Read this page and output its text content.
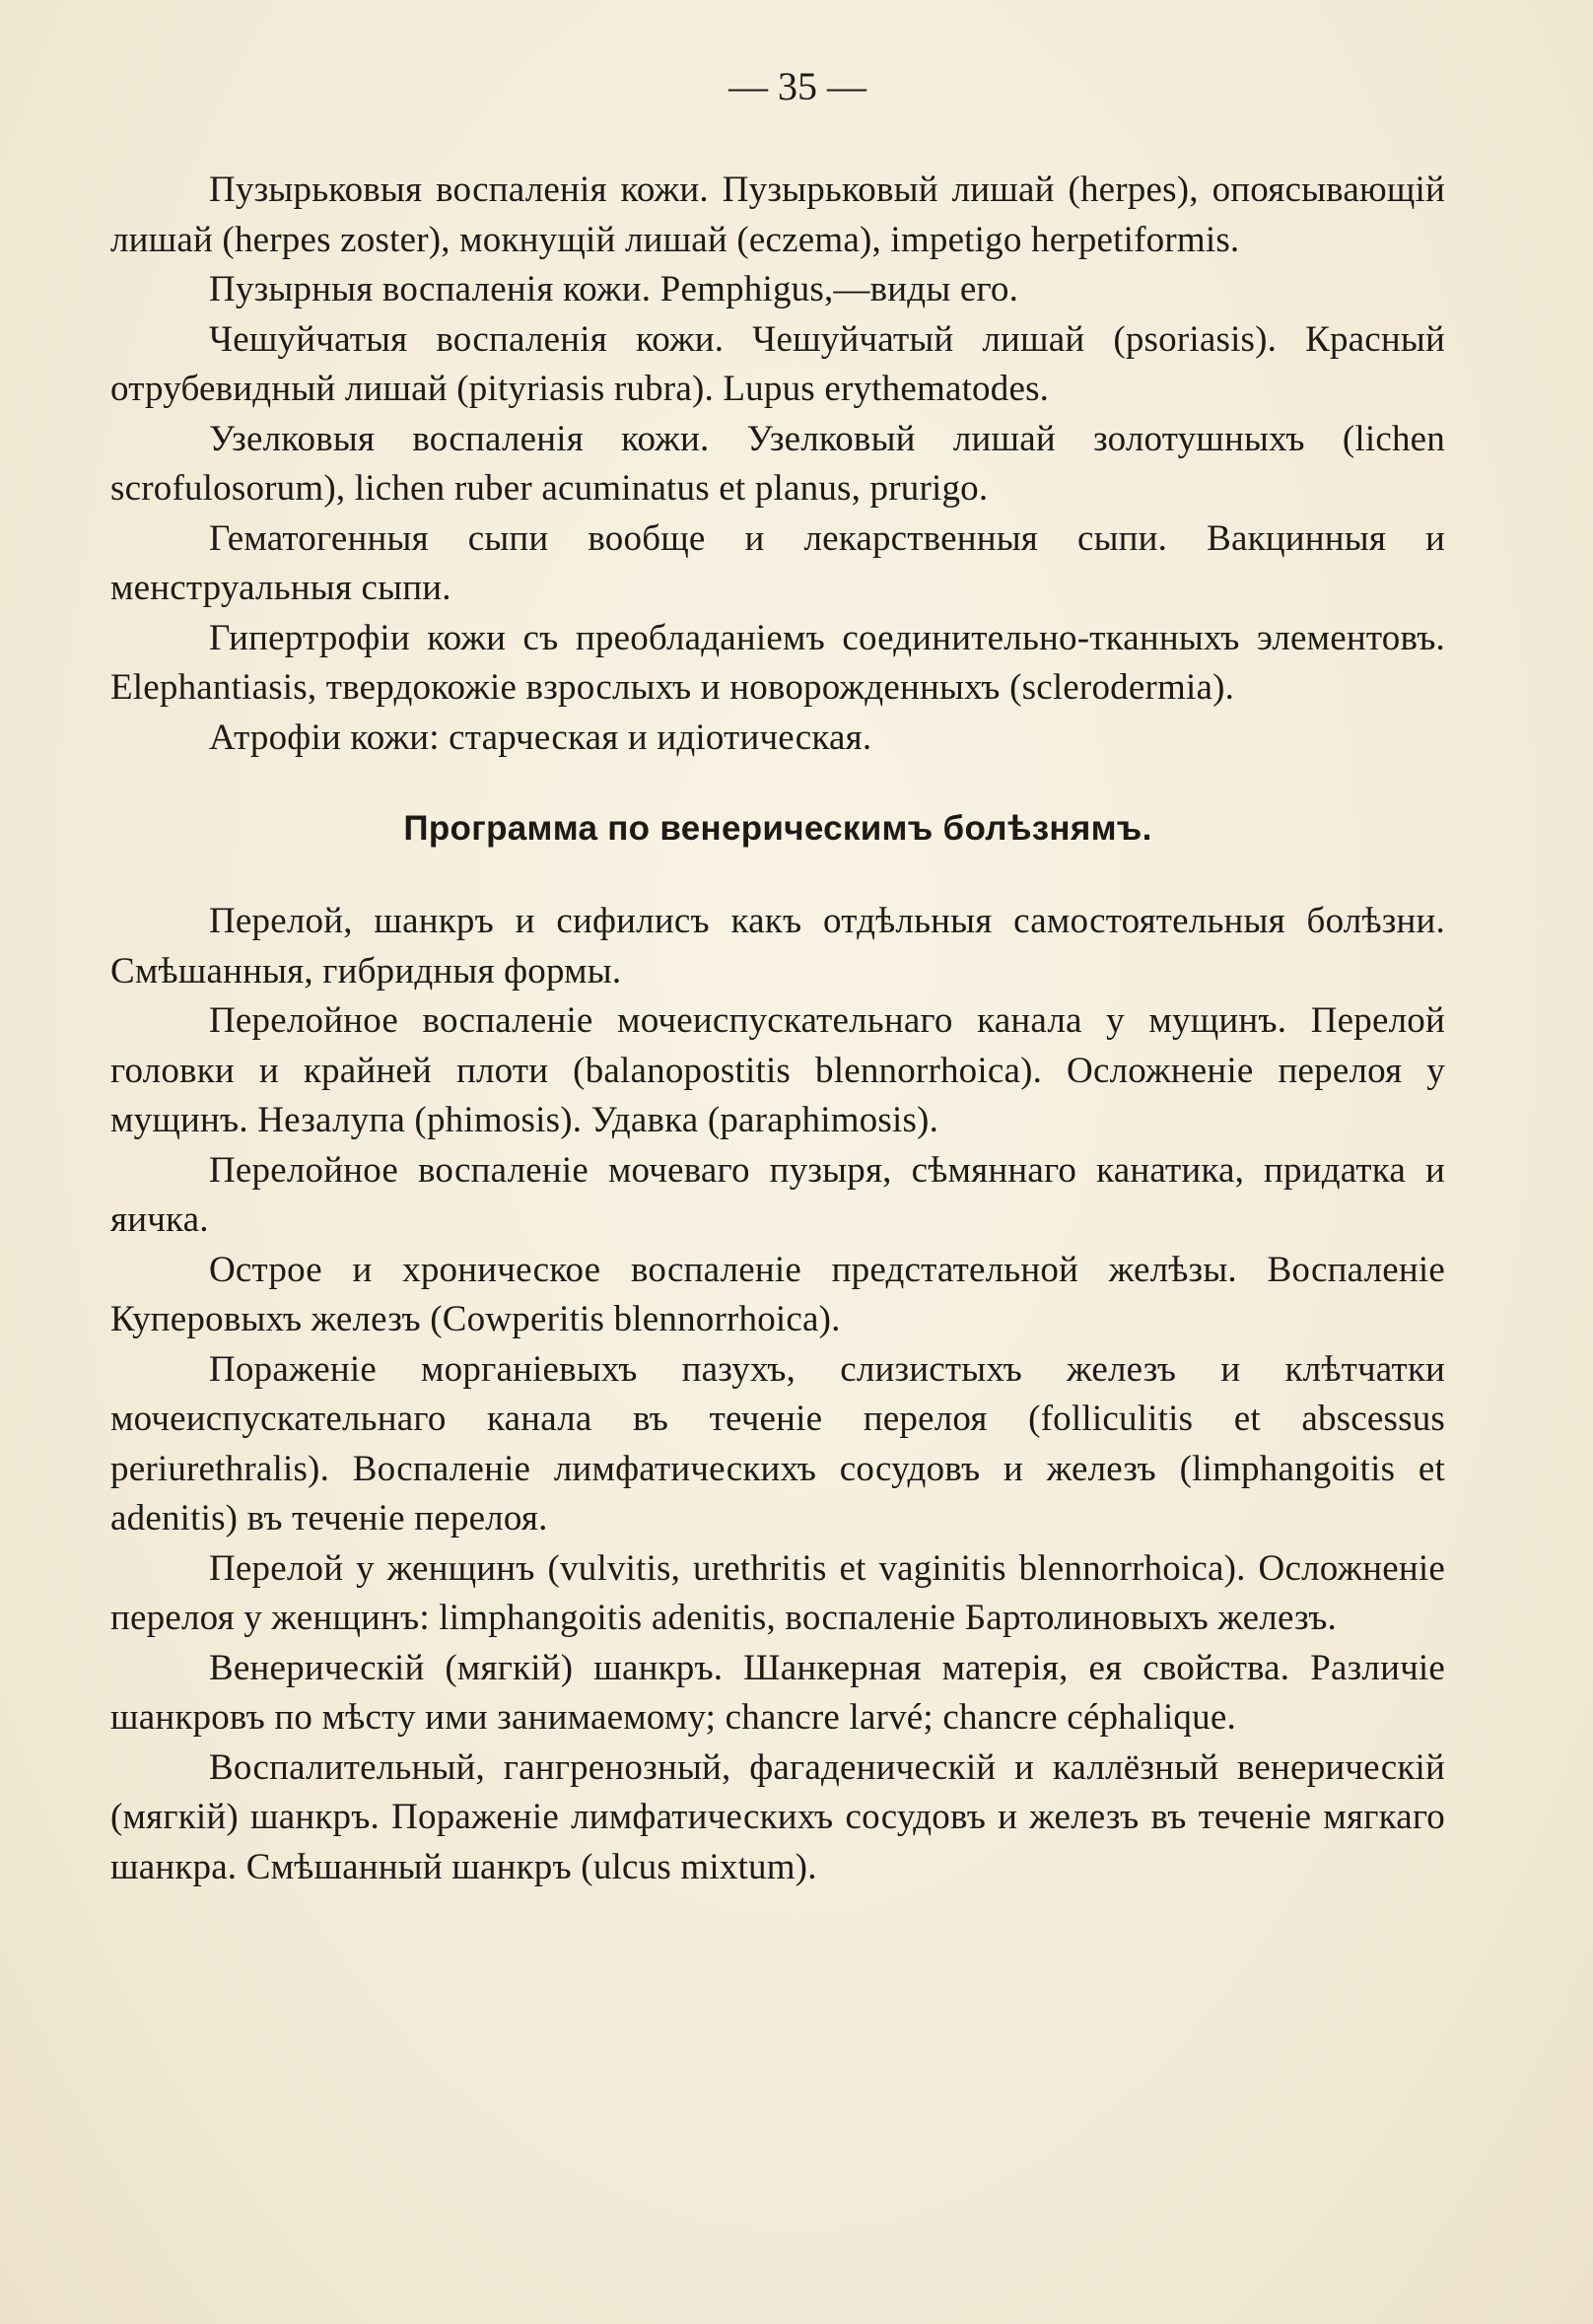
— 35 —

Пузырьковыя воспаленія кожи. Пузырьковый лишай (herpes), опоясывающій лишай (herpes zoster), мокнущій лишай (eczema), impetigo herpetiformis.

Пузырныя воспаленія кожи. Pemphigus,—виды его.

Чешуйчатыя воспаленія кожи. Чешуйчатый лишай (psoriasis). Красный отрубевидный лишай (pityriasis rubra). Lupus erythematodes.

Узелковыя воспаленія кожи. Узелковый лишай золотушныхъ (lichen scrofulosorum), lichen ruber acuminatus et planus, prurigo.

Гематогенныя сыпи вообще и лекарственныя сыпи. Вакцинныя и менструальныя сыпи.

Гипертрофіи кожи съ преобладаніемъ соединительно-тканныхъ элементовъ. Elephantiasis, твердокожіе взрослыхъ и новорожденныхъ (sclerodermia).

Атрофіи кожи: старческая и идіотическая.

Программа по венерическимъ болѣзнямъ.

Перелой, шанкръ и сифилисъ какъ отдѣльныя самостоятельныя болѣзни. Смѣшанныя, гибридныя формы.

Перелойное воспаленіе мочеиспускательнаго канала у мущинъ. Перелой головки и крайней плоти (balanopostitis blennorrhoica). Осложненіе перелоя у мущинъ. Незалупа (phimosis). Удавка (paraphimosis).

Перелойное воспаленіе мочеваго пузыря, сѣмяннаго канатика, придатка и яичка.

Острое и хроническое воспаленіе предстательной желѣзы. Воспаленіе Куперовыхъ железъ (Cowperitis blennorrhoica).

Пораженіе морганіевыхъ пазухъ, слизистыхъ железъ и клѣтчатки мочеиспускательнаго канала въ теченіе перелоя (folliculitis et abscessus periurethralis). Воспаленіе лимфатическихъ сосудовъ и железъ (limphangoitis et adenitis) въ теченіе перелоя.

Перелой у женщинъ (vulvitis, urethritis et vaginitis blennorrhoica). Осложненіе перелоя у женщинъ: limphangoitis adenitis, воспаленіе Бартолиновыхъ железъ.

Венерическій (мягкій) шанкръ. Шанкерная матерія, ея свойства. Различіе шанкровъ по мѣсту ими занимаемому; chancre larvé; chancre céphalique.

Воспалительный, гангренозный, фагаденическій и каллёзный венерическій (мягкій) шанкръ. Пораженіе лимфатическихъ сосудовъ и железъ въ теченіе мягкаго шанкра. Смѣшанный шанкръ (ulcus mixtum).
